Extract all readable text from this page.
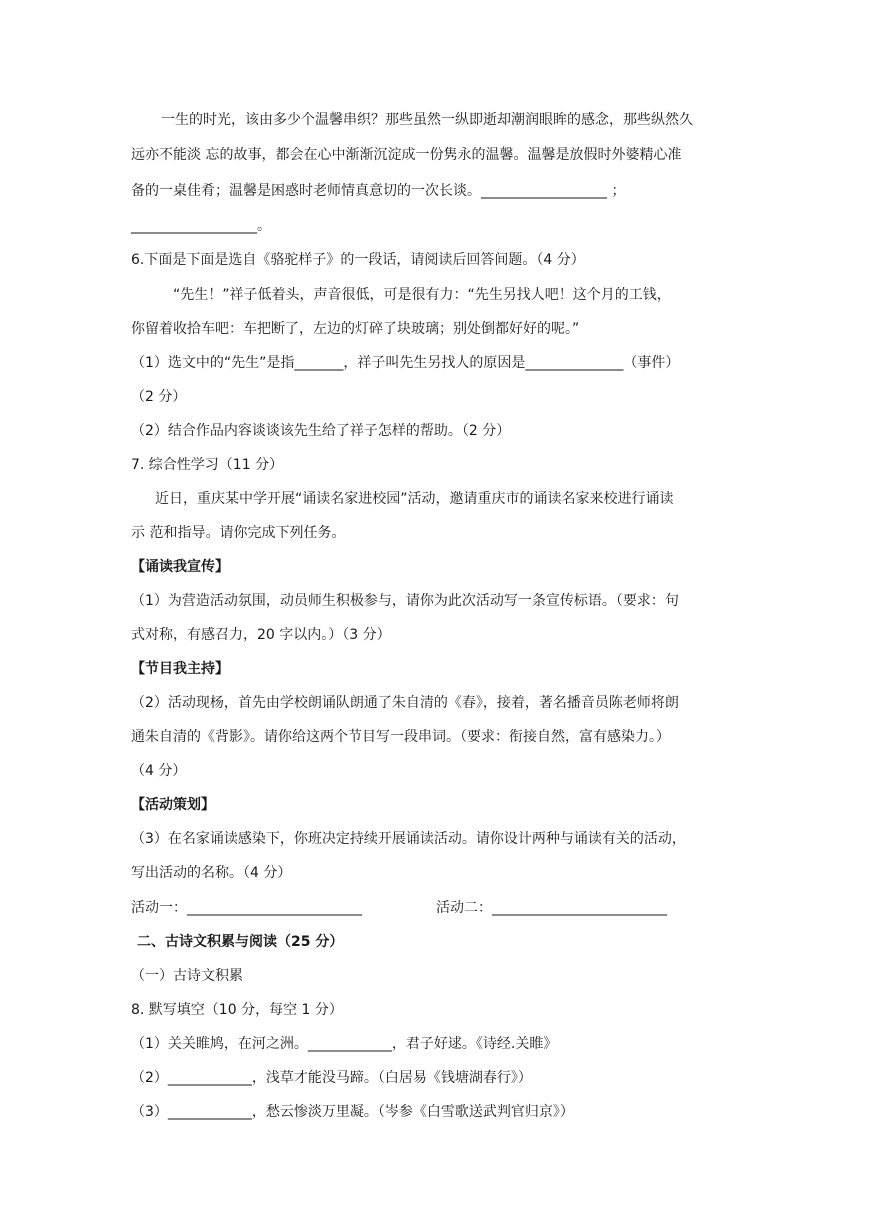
一生的时光，该由多少个温馨串织？那些虽然一纵即逝却潮润眼眸的感念，那些纵然久
远亦不能淡 忘的故事，都会在心中渐渐沉淀成一份隽永的温馨。温馨是放假时外婆精心准
备的一桌佳肴；温馨是困惑时老师情真意切的一次长谈。__________________ ；
__________________。
6.下面是下面是选自《骆驼样子》的一段话，请阅读后回答间题。（4 分）
“先生！”祥子低着头，声音很低，可是很有力：“先生另找人吧！这个月的工钱，
你留着收拾车吧：车把断了，左边的灯碎了块玻璃；别处倒都好好的呢。”
（1）选文中的“先生”是指_______，祥子叫先生另找人的原因是______________（事件）
（2 分）
（2）结合作品内容谈谈该先生给了祥子怎样的帮助。（2 分）
7. 综合性学习（11 分）
近日，重庆某中学开展“诵读名家进校园”活动，邀请重庆市的诵读名家来校进行诵读
示 范和指导。请你完成下列任务。
【诵读我宣传】
（1）为营造活动氛围，动员师生积极参与，请你为此次活动写一条宣传标语。（要求：句
式对称，有感召力，20 字以内。）（3 分）
【节目我主持】
（2）活动现杨，首先由学校朗诵队朗通了朱自清的《春》，接着，著名播音员陈老师将朗
通朱自清的《背影》。请你给这两个节目写一段串词。（要求：衔接自然，富有感染力。）
（4 分）
【活动策划】
（3）在名家诵读感染下，你班决定持续开展诵读活动。请你设计两种与诵读有关的活动，
写出活动的名称。（4 分）
活动一：_________________________	活动二：_________________________
二、古诗文积累与阅读（25 分）
（一）古诗文积累
8. 默写填空（10 分，每空 1 分）
（1）关关睢鸠，在河之洲。____________，君子好逑。《诗经.关睢》
（2）____________，浅草才能没马蹄。（白居易《钱塘湖春行》）
（3）____________，愁云惨淡万里凝。（岑参《白雪歌送武判官归京》）
